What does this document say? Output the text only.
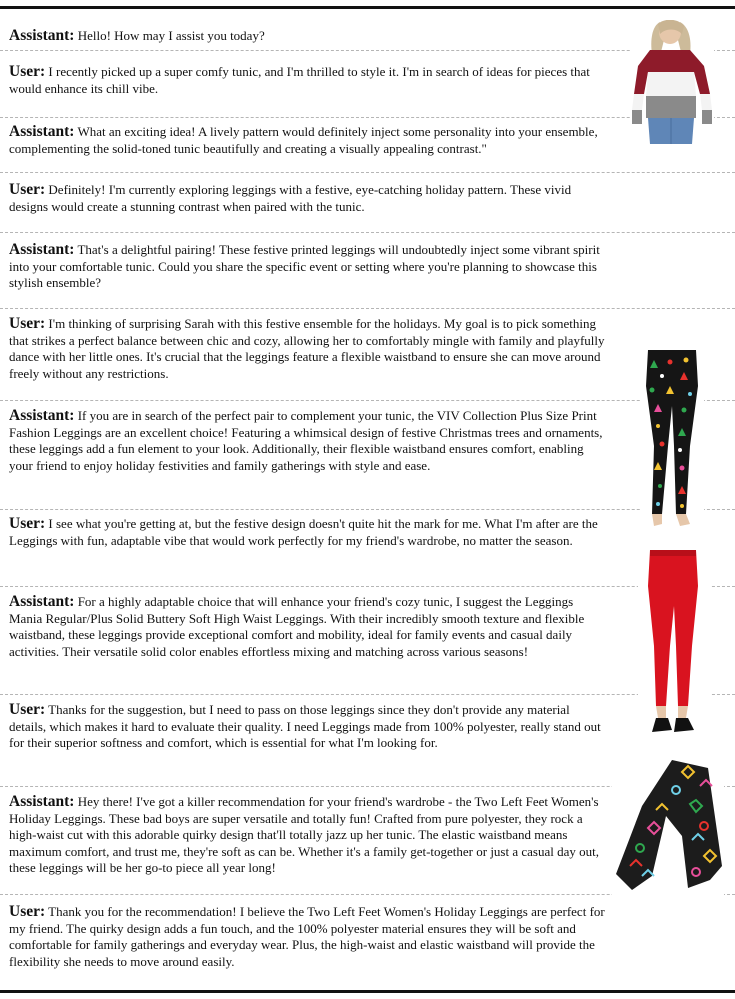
Assistant: Hello! How may I assist you today?
User: I recently picked up a super comfy tunic, and I'm thrilled to style it. I'm in search of ideas for pieces that would enhance its chill vibe.
Assistant: What an exciting idea! A lively pattern would definitely inject some personality into your ensemble, complementing the solid-toned tunic beautifully and creating a visually appealing contrast."
User: Definitely! I'm currently exploring leggings with a festive, eye-catching holiday pattern. These vivid designs would create a stunning contrast when paired with the tunic.
Assistant: That's a delightful pairing! These festive printed leggings will undoubtedly inject some vibrant spirit into your comfortable tunic. Could you share the specific event or setting where you're planning to showcase this stylish ensemble?
User: I'm thinking of surprising Sarah with this festive ensemble for the holidays. My goal is to pick something that strikes a perfect balance between chic and cozy, allowing her to comfortably mingle with family and playfully dance with her little ones. It's crucial that the leggings feature a flexible waistband to ensure she can move around freely without any restrictions.
Assistant: If you are in search of the perfect pair to complement your tunic, the VIV Collection Plus Size Print Fashion Leggings are an excellent choice! Featuring a whimsical design of festive Christmas trees and ornaments, these leggings add a fun element to your look. Additionally, their flexible waistband ensures comfort, enabling your friend to enjoy holiday festivities and family gatherings with style and ease.
User: I see what you're getting at, but the festive design doesn't quite hit the mark for me. What I'm after are the Leggings with fun, adaptable vibe that would work perfectly for my friend's wardrobe, no matter the season.
Assistant: For a highly adaptable choice that will enhance your friend's cozy tunic, I suggest the Leggings Mania Regular/Plus Solid Buttery Soft High Waist Leggings. With their incredibly smooth texture and flexible waistband, these leggings provide exceptional comfort and mobility, ideal for family events and casual daily activities. Their versatile solid color enables effortless mixing and matching across various seasons!
User: Thanks for the suggestion, but I need to pass on those leggings since they don't provide any material details, which makes it hard to evaluate their quality. I need Leggings made from 100% polyester, really stand out for their superior softness and comfort, which is essential for what I'm looking for.
Assistant: Hey there! I've got a killer recommendation for your friend's wardrobe - the Two Left Feet Women's Holiday Leggings. These bad boys are super versatile and totally fun! Crafted from pure polyester, they rock a high-waist cut with this adorable quirky design that'll totally jazz up her tunic. The elastic waistband means maximum comfort, and trust me, they're soft as can be. Whether it's a family get-together or just a casual day out, these leggings will be her go-to piece all year long!
User: Thank you for the recommendation! I believe the Two Left Feet Women's Holiday Leggings are perfect for my friend. The quirky design adds a fun touch, and the 100% polyester material ensures they will be soft and comfortable for family gatherings and everyday wear. Plus, the high-waist and elastic waistband will provide the flexibility she needs to move around easily.
